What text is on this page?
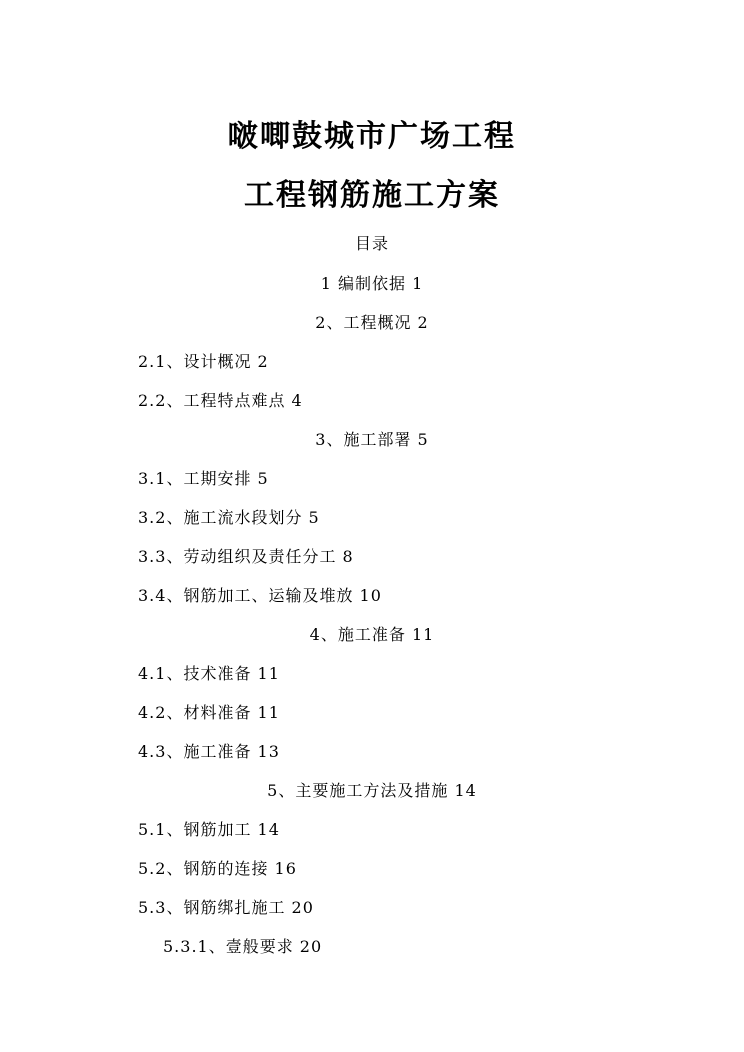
啵唧鼓城市广场工程
工程钢筋施工方案
目录
1 编制依据 1
2、工程概况 2
2.1、设计概况 2
2.2、工程特点难点 4
3、施工部署 5
3.1、工期安排 5
3.2、施工流水段划分 5
3.3、劳动组织及责任分工 8
3.4、钢筋加工、运输及堆放 10
4、施工准备 11
4.1、技术准备 11
4.2、材料准备 11
4.3、施工准备 13
5、主要施工方法及措施 14
5.1、钢筋加工 14
5.2、钢筋的连接 16
5.3、钢筋绑扎施工 20
5.3.1、壹般要求 20
